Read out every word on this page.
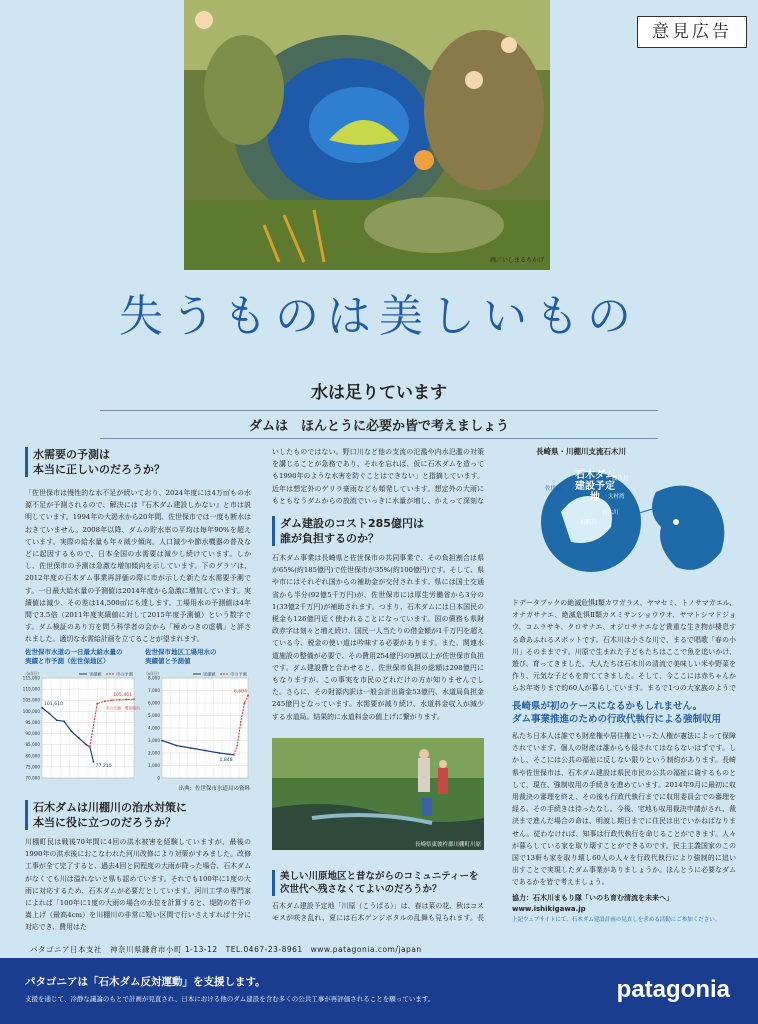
画／いしまるちかげ
意見広告
失うものは美しいもの
水は足りています
ダムは　ほんとうに必要か皆で考えましょう
水需要の予測は
本当に正しいのだろうか？
「佐世保市は慢性的な水不足が続いており、2024年度には4万㎥もの水源不足が予測されるので、解決には『石木ダム建設しかない』と市は説明しています。1994年の大渇水から20年間、佐世保市では一度も断水はおきていません。2008年以降、ダムの貯水率の平均は毎年90%を超えています。実際の給水量も年々減少傾向。人口減少や節水機器の普及などに起因するもので、日本全国の水需要は減少し続けています。しかし、佐世保市の予測は急激な増加傾向を示しています。下のグラフは、2012年度の石木ダム事業再評価の際に市が示した新たな水需要予測です。一日最大給水量の予測値は2014年度から急激に増加しています。実績値は減少、その差は14,500㎥にも達します。工場用水の予測値は4年間で3.5倍（2011年度実績値に対して2015年度予測値）という数字です。ダム検証のあり方を問う科学者の会から「極めつきの虚構」と評されました。適切な水需給計画を立てることが望まれます。
佐世保市水道の一日最大給水量の
実績と市予測（佐世保地区）
佐世保市地区工場用水の
実績値と予測値
115,000
110,000
105,000
100,000
95,000
90,000
85,000
80,000
75,000
70,000
実績値	市の予測
（㎥/日）
8,000
7,000
6,000
5,000
4,000
3,000
2,000
1,000
0
実績値	市の予測
（㎥/日）
101,610
105,461
77,210
市の予測　増加傾向
6,604
1,848
出典：佐世保市水道局の資料
石木ダムは川棚川の治水対策に
本当に役に立つのだろうか？
川棚町民は戦後70年間に4回の洪水被害を経験していますが、最後の1990年の洪水後におこなわれた河川改修により対策がすみました。改修工事が全て完了すると、過去4回と同程度の大雨が降った場合、石木ダムがなくても川は溢れないと県も認めています。それでも100年に1度の大雨に対応するため、石木ダムが必要だとしています。河川工学の専門家によれば「100年に1度の大雨の場合の水位を計算すると、堤防の若干の嵩上げ（最高4cm）を川棚川の非常に短い区間で行いさえすれば十分に対応でき、費用はた
いしたものではない。野口川など他の支流の氾濫や内水氾濫の対策を講じることが急務であり、それを忘れば、仮に石木ダムを造っても1990年のような水害を防ぐことはできない」と指摘しています。近年は想定外のゲリラ豪雨なども頻発しています。想定外の大雨にもともなうダムからの放流でいっきに水量が増し、かえって深刻な
ダム建設のコスト285億円は
誰が負担するのか？
石木ダム事業は長崎県と佐世保市の共同事業で、その負担割合は県が65%(約185億円)で佐世保市が35%(約100億円)です。そして、県や市にはそれぞれ国からの補助金が交付されます。県には国土交通省から半分(92億5千万円)が、佐世保市には厚生労働省から3分の1(33億2千万円)が補助されます。つまり、石木ダムには日本国民の税金も126億円近く使われることになっています。国の債務も県財政赤字は刻々と増え続け、国民一人当たりの借金額が1千万円を超えている今、税金の使い道は吟味する必要があります。また、関連水道施設の整備が必要で、その費用254億円の9割以上が佐世保市負担です。ダム建設費と合わせると、佐世保市負担の総額は298億円にもなりますが、この事実を市民のどれだけの方が知りませんでした。さらに、その財源内訳は一般会計出資金53億円、水道局負担金245億円となっています。水需要が減り続け、水道料金収入が減少する水道局。結果的に水道料金の値上げに繋がります。
長崎県東彼杵郡川棚町川原
美しい川原地区と昔ながらのコミュニティーを
次世代へ残さなくてよいのだろうか？
石木ダム建設予定地「川原（こうばる）」は、春は菜の花、秋はコスモスが咲き乱れ、夏には石木ゲンジボタルの乱舞も見られます。長
長崎県・川棚川支流石木川
石木ダム建設予定地
佐世保
波佐見
大村湾
川棚川
石木川
ドデータブックの絶滅危惧Ⅰ類カワガラス、ヤマセミ、トノサマガエル、オナガサナエ、絶滅危惧Ⅱ類カスミサンショウウオ、ヤマトシマドジョウ、コムラサキ、クロサナエ、オジロサナエなど貴重な生き物が棲息する命あふれるスポットです。石木川は小さな川で、まるで唱歌「春の小川」そのままです。川原で生まれた子どもたちはここで魚を追いかけ、遊び、育ってきました。大人たちは石木川の清流で美味しい米や野菜を作り、元気な子どもを育ててきました。そして、今ここには赤ちゃんからお年寄りまで約60人が暮らしています。まるで1つの大家族のようで
長崎県が初のケースになるかもしれません。
ダム事業推進のための行政代執行による強制収用
私たち日本人は誰でも財産権や居住権といった人権が憲法によって保障されています。個人の財産は誰からも侵されてはならないはずです。しかし、そこには公共の福祉に反しない限りという制約があります。長崎県や佐世保市は、石木ダム建設は県民市民の公共の福祉に資するものとして、現在、強制収用の手続きを進めています。2014年9月に最初に収用裁決の審理を終え、その後も行政代執行までに収用委員会での審理を経る、その手続きは待ったなし。今後、宅地も収用裁決申請がされ、裁決まで進んだ場合の命は、明渡し期日までに住民は出ていかねばなりません。従わなければ、知事は行政代執行を命じることができます。人々が暮らしている家を取り壊すことができるのです。民主主義国家のこの国で13軒も家を取り壊し60人の人々を行政代執行により強制的に追い出すことで実現したダム事業がありましょうか。ほんとうに必要なダムであるかを皆で考えましょう。
協力：石木川まもり隊「いのち育む清流を未来へ」
www.ishikigawa.jp
上記ウェブサイトにて、石木ダム建設計画の見直しを求める活動にご参加ください。
パタゴニア日本支社　神奈川県鎌倉市小町 1-13-12　TEL.0467-23-8961　www.patagonia.com/japan
パタゴニアは「石木ダム反対運動」を支援します。
支援を通じて、冷静な議論のもとで計画が見直され、日本における他のダム建設を含む多くの公共工事が再評価されることを願っています。	patagonia
